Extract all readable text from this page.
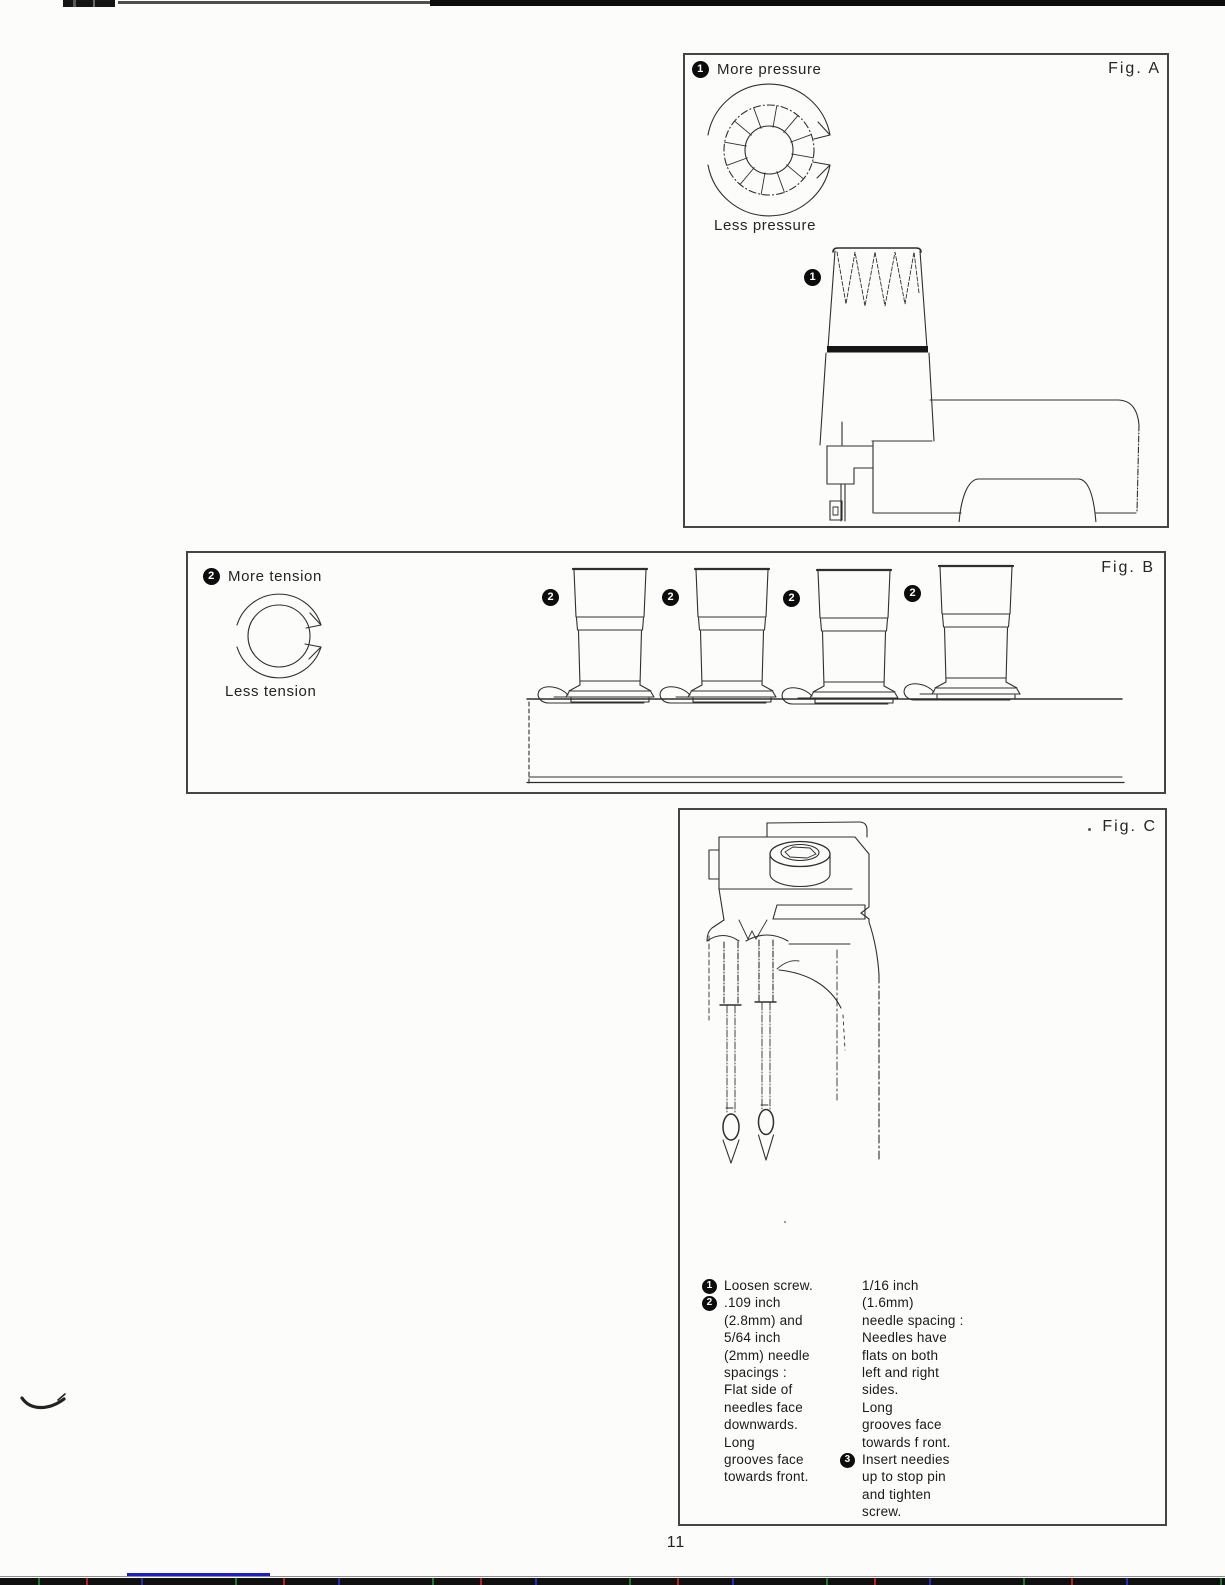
Fig. A
1 More pressure
Less pressure
1
Fig. B
2 More tension
Less tension
2	2	2	2
Fig. C
1 Loosen screw.
2 .109 inch
(2.8mm) and
5/64 inch
(2mm) needle
spacings :
Flat side of
needles face
downwards.
Long
grooves face
towards front.
1/16 inch
(1.6mm)
needle spacing :
Needles have
flats on both
left and right
sides.
Long
grooves face
towards f ront.
3 Insert needies
up to stop pin
and tighten
screw.
11
